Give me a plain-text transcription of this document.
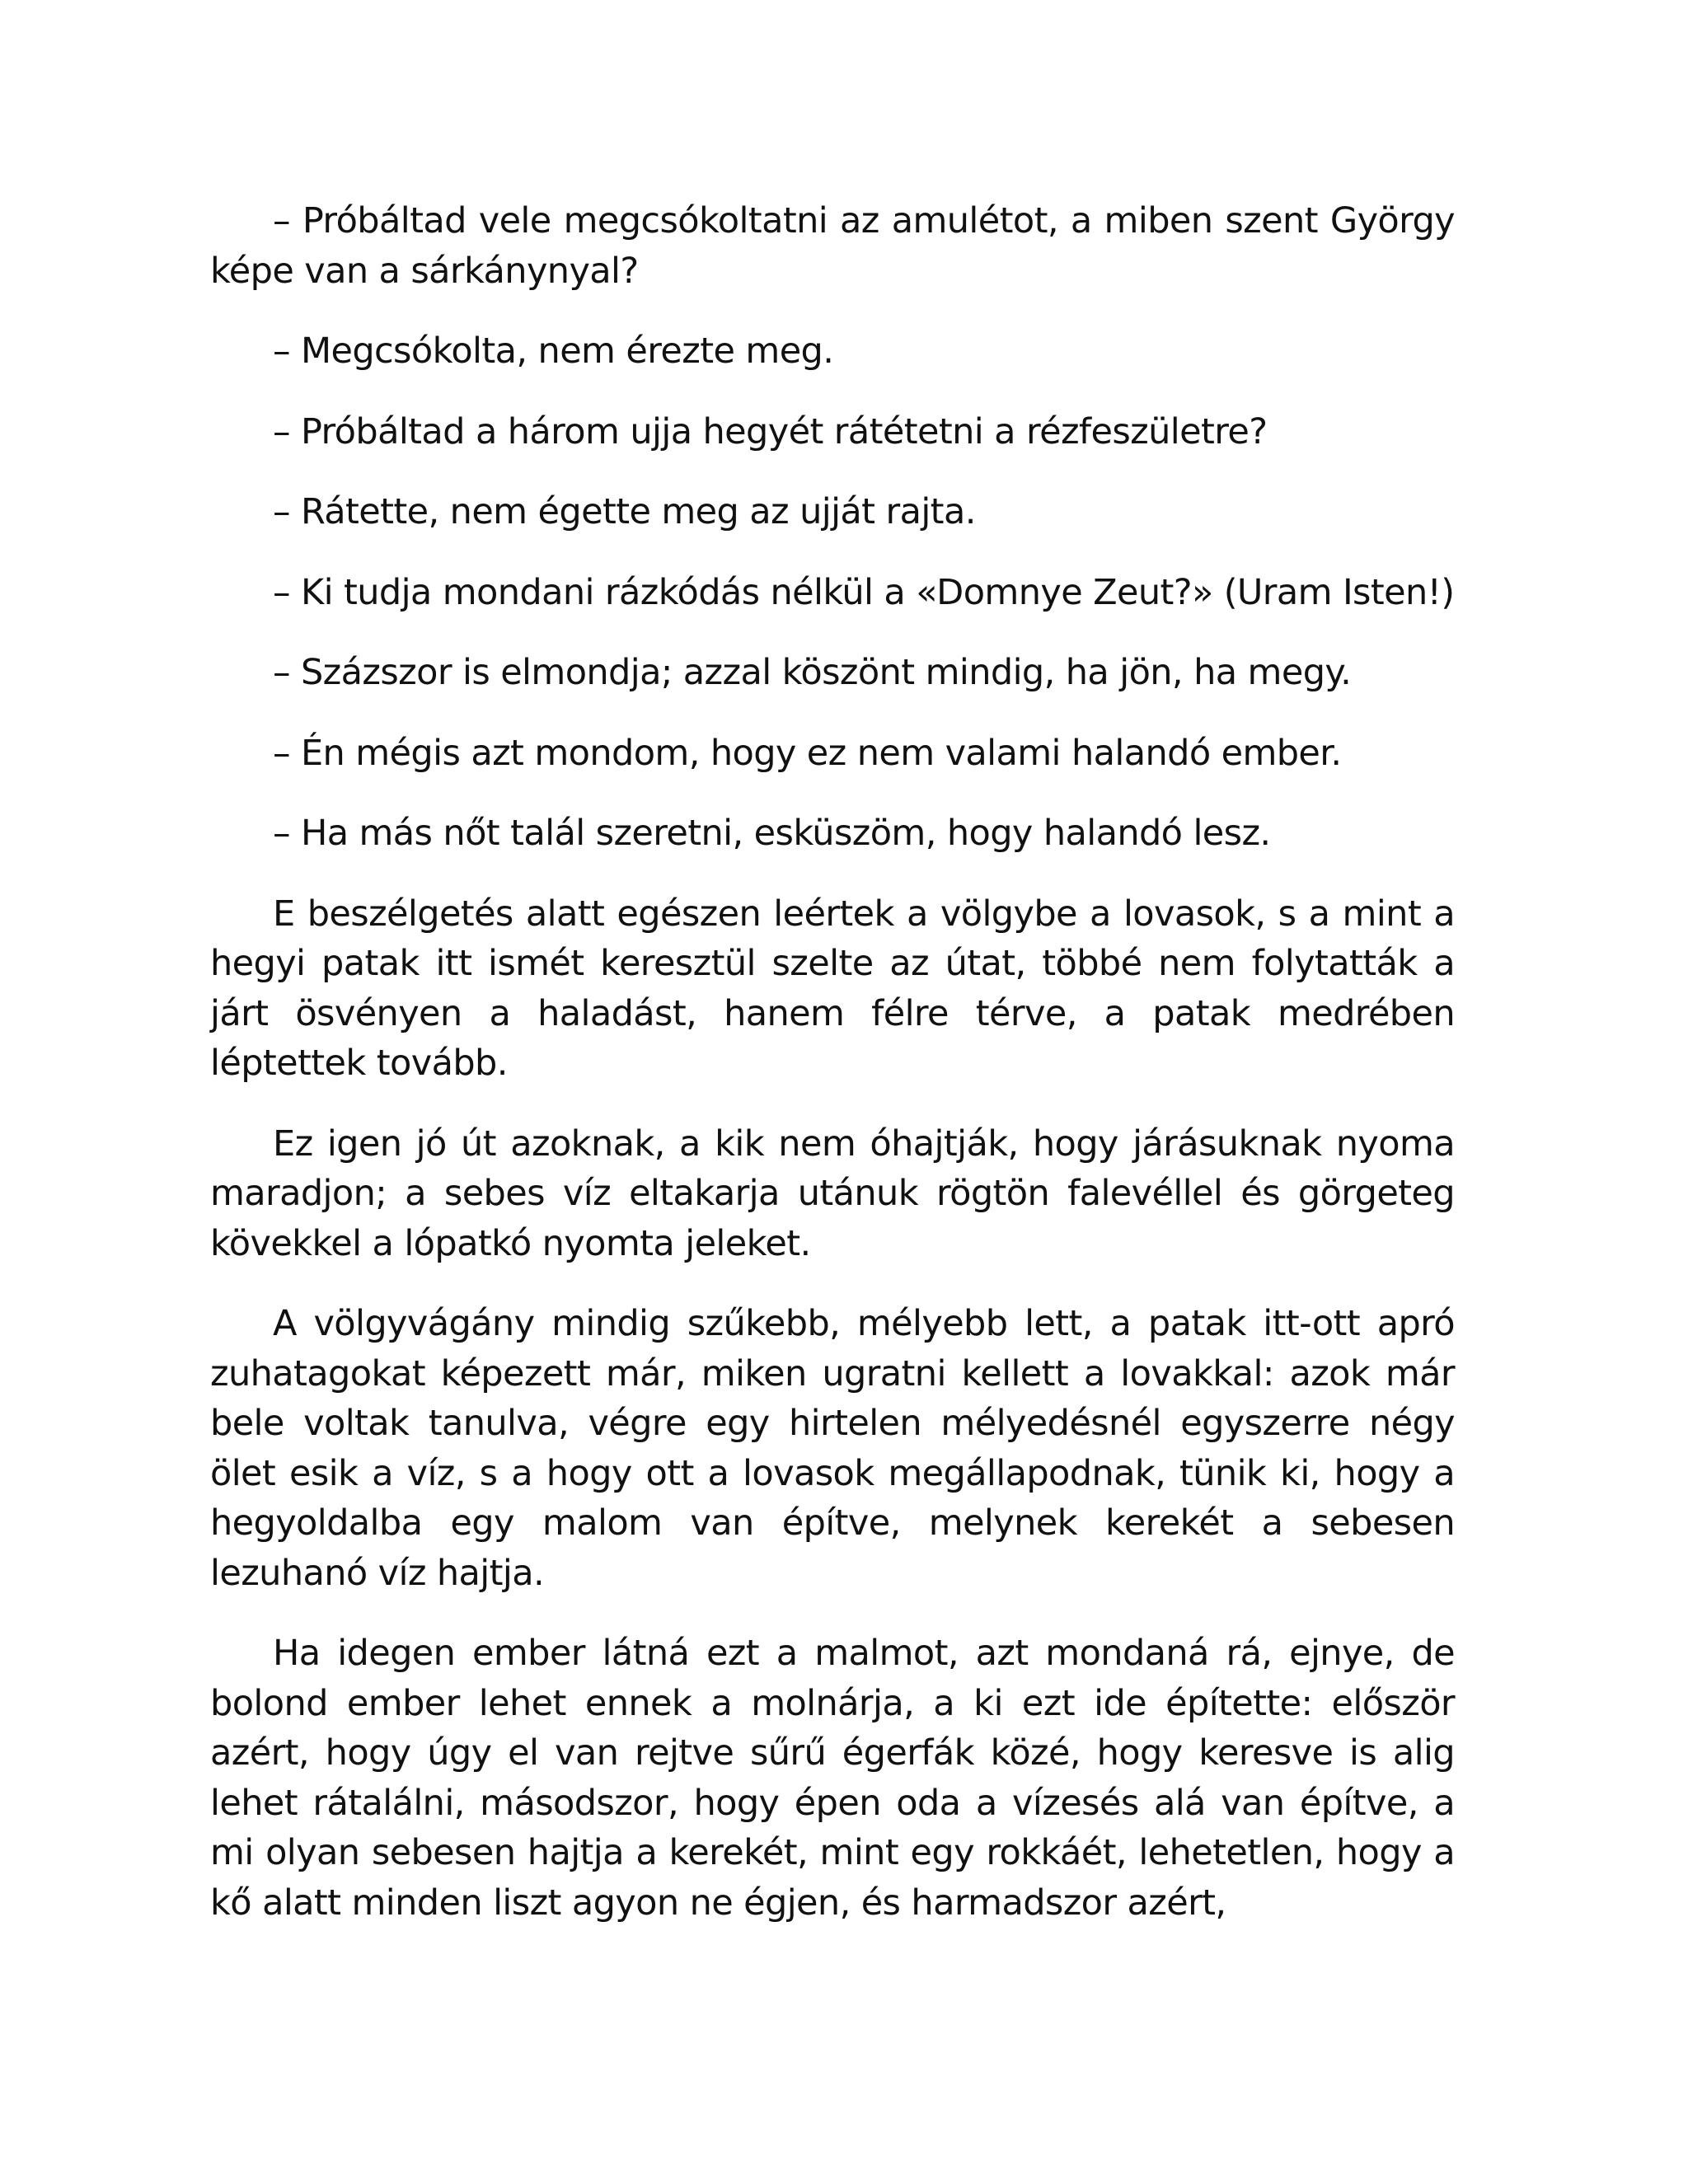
– Próbáltad vele megcsókoltatni az amulétot, a miben szent György képe van a sárkánynyal?

– Megcsókolta, nem érezte meg.

– Próbáltad a három ujja hegyét rátétetni a rézfeszületre?

– Rátette, nem égette meg az ujját rajta.

– Ki tudja mondani rázkódás nélkül a «Domnye Zeut?» (Uram Isten!)

– Százszor is elmondja; azzal köszönt mindig, ha jön, ha megy.

– Én mégis azt mondom, hogy ez nem valami halandó ember.

– Ha más nőt talál szeretni, esküszöm, hogy halandó lesz.

E beszélgetés alatt egészen leértek a völgybe a lovasok, s a mint a hegyi patak itt ismét keresztül szelte az útat, többé nem folytatták a járt ösvényen a haladást, hanem félre térve, a patak medrében léptettek tovább.

Ez igen jó út azoknak, a kik nem óhajtják, hogy járásuknak nyoma maradjon; a sebes víz eltakarja utánuk rögtön falevéllel és görgeteg kövekkel a lópatkó nyomta jeleket.

A völgyvágány mindig szűkebb, mélyebb lett, a patak itt-ott apró zuhatagokat képezett már, miken ugratni kellett a lovakkal: azok már bele voltak tanulva, végre egy hirtelen mélyedésnél egyszerre négy ölet esik a víz, s a hogy ott a lovasok megállapodnak, tünik ki, hogy a hegyoldalba egy malom van építve, melynek kerekét a sebesen lezuhanó víz hajtja.

Ha idegen ember látná ezt a malmot, azt mondaná rá, ejnye, de bolond ember lehet ennek a molnárja, a ki ezt ide építette: először azért, hogy úgy el van rejtve sűrű égerfák közé, hogy keresve is alig lehet rátalálni, másodszor, hogy épen oda a vízesés alá van építve, a mi olyan sebesen hajtja a kerekét, mint egy rokkáét, lehetetlen, hogy a kő alatt minden liszt agyon ne égjen, és harmadszor azért,
